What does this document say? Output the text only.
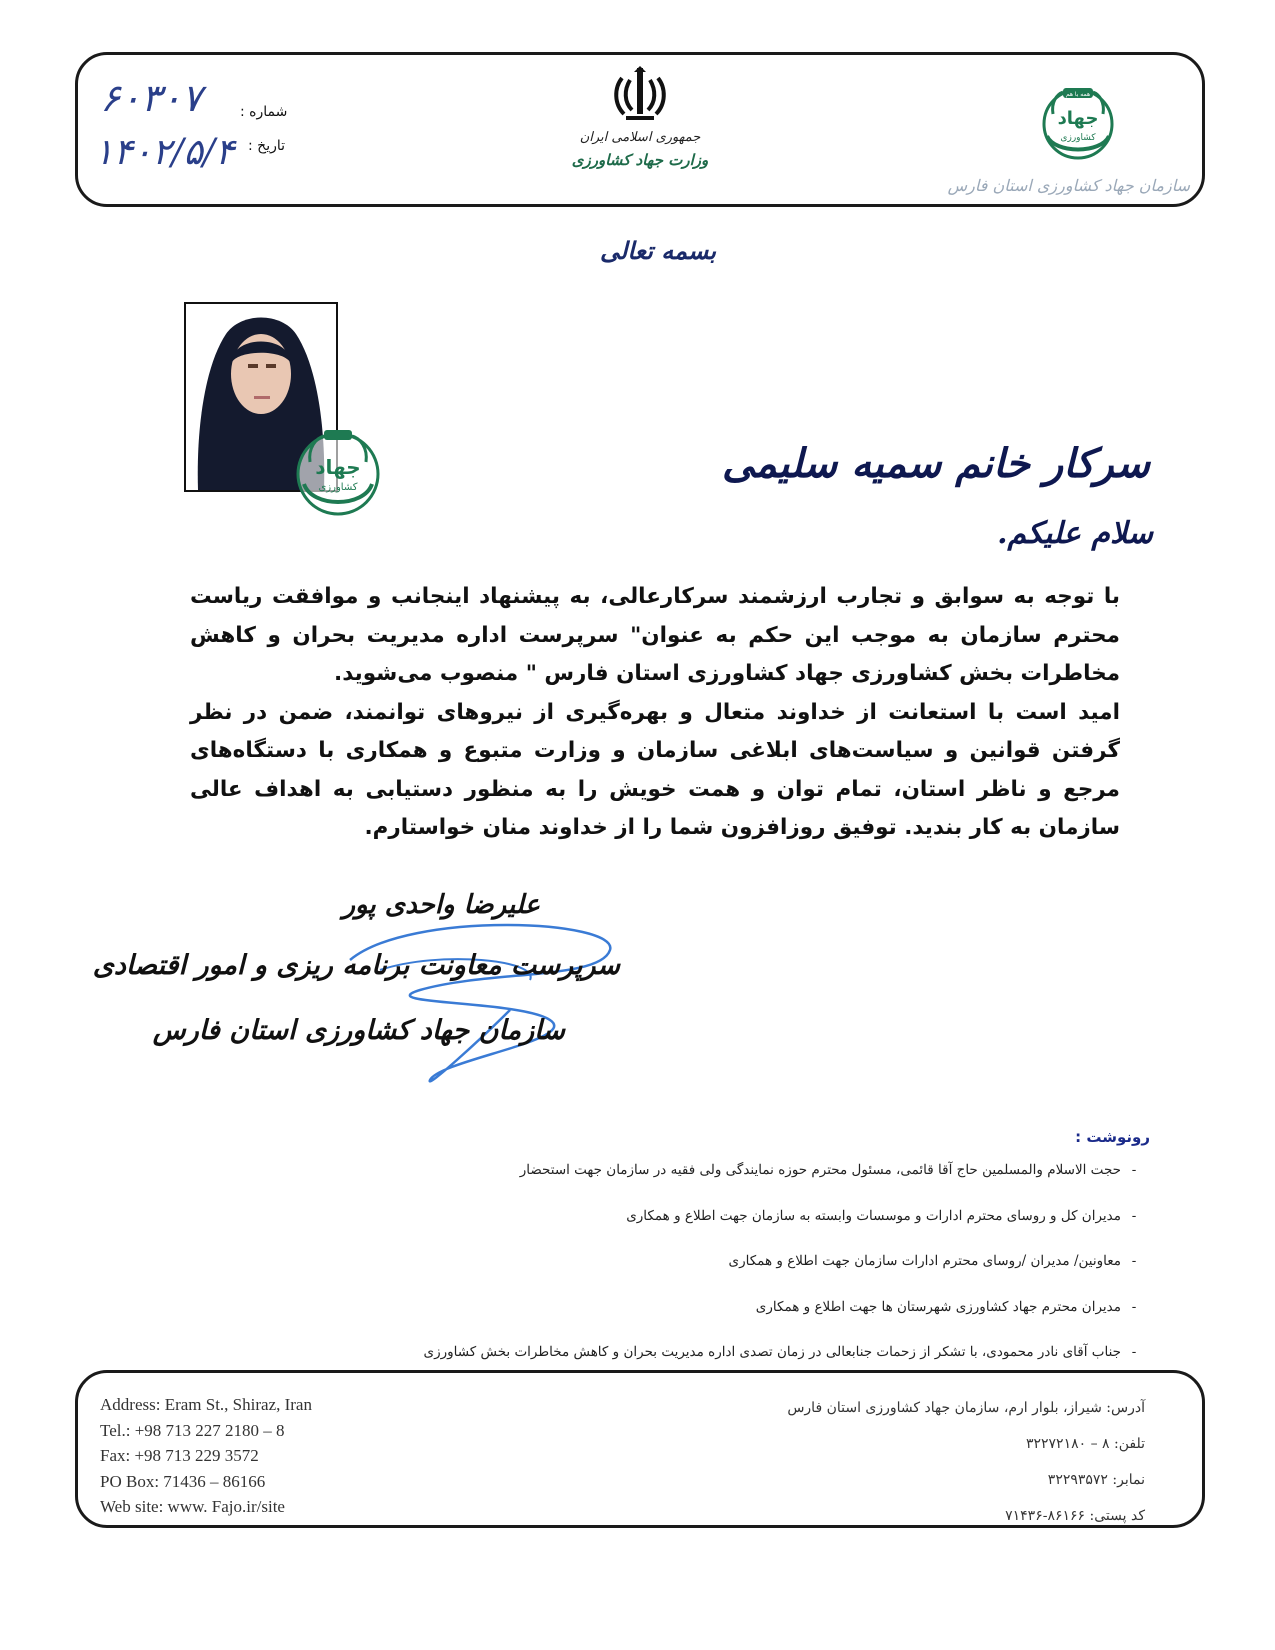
۶۰۳۰۷
۱۴۰۲/۵/۴
شماره :
تاریخ :
جمهوری اسلامی ایران
وزارت جهاد کشاورزی
همه با هم
جهاد
کشاورزی
سازمان جهاد کشاورزی استان فارس
بسمه تعالی
جهاد
کشاورزی
سرکار خانم سمیه سلیمی
سلام علیکم.

با توجه به سوابق و تجارب ارزشمند سرکارعالی، به پیشنهاد اینجانب و موافقت ریاست محترم سازمان به موجب این حکم به عنوان" سرپرست اداره مدیریت بحران و کاهش مخاطرات بخش کشاورزی جهاد کشاورزی استان فارس " منصوب می‌شوید.

امید است با استعانت از خداوند متعال و بهره‌گیری از نیروهای توانمند، ضمن در نظر گرفتن قوانین و سیاست‌های ابلاغی سازمان و وزارت متبوع و همکاری با دستگاه‌های مرجع و ناظر استان، تمام توان و همت خویش را به منظور دستیابی به اهداف عالی سازمان به کار بندید. توفیق روزافزون شما را از خداوند منان خواستارم.

علیرضا واحدی پور
سرپرست معاونت برنامه ریزی و امور اقتصادی
سازمان جهاد کشاورزی استان فارس
رونوشت :
-حجت الاسلام والمسلمین حاج آقا قائمی، مسئول محترم حوزه نمایندگی ولی فقیه در سازمان جهت استحضار
-مدیران کل و روسای محترم ادارات و موسسات وابسته به سازمان جهت اطلاع و همکاری
-معاونین/ مدیران /روسای محترم ادارات سازمان جهت اطلاع و همکاری
-مدیران محترم جهاد کشاورزی شهرستان ها جهت اطلاع و همکاری
-جناب آقای نادر محمودی، با تشکر از زحمات جنابعالی در زمان تصدی اداره مدیریت بحران و کاهش مخاطرات بخش کشاورزی
Address: Eram St., Shiraz, Iran
Tel.: +98 713 227 2180 – 8
Fax: +98 713 229 3572
PO Box: 71436 – 86166
Web site: www. Fajo.ir/site
آدرس: شیراز، بلوار ارم، سازمان جهاد کشاورزی استان فارس
تلفن: ۸ – ۳۲۲۷۲۱۸۰
نمابر: ۳۲۲۹۳۵۷۲
کد پستی: ۸۶۱۶۶-۷۱۴۳۶
